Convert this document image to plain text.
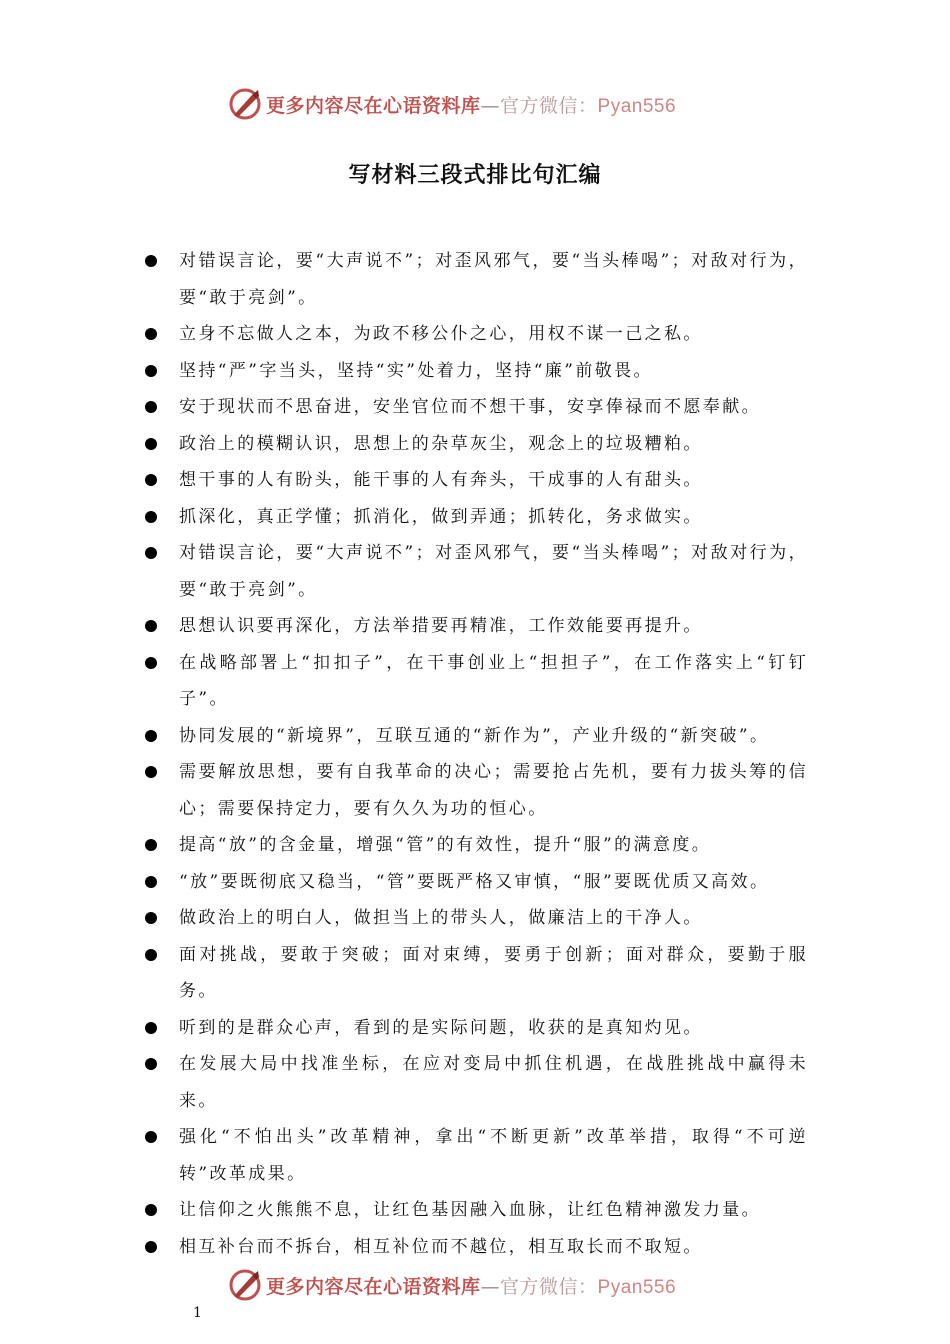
更多内容尽在心语资料库—官方微信：Pyan556
写材料三段式排比句汇编
对错误言论，要“大声说不”；对歪风邪气，要“当头棒喝”；对敌对行为，要“敢于亮剑”。
立身不忘做人之本，为政不移公仆之心，用权不谋一己之私。
坚持“严”字当头，坚持“实”处着力，坚持“廉”前敬畏。
安于现状而不思奋进，安坐官位而不想干事，安享俸禄而不愿奉献。
政治上的模糊认识，思想上的杂草灰尘，观念上的垃圾糟粕。
想干事的人有盼头，能干事的人有奔头，干成事的人有甜头。
抓深化，真正学懂；抓消化，做到弄通；抓转化，务求做实。
对错误言论，要“大声说不”；对歪风邪气，要“当头棒喝”；对敌对行为，要“敢于亮剑”。
思想认识要再深化，方法举措要再精准，工作效能要再提升。
在战略部署上“扣扣子”，在干事创业上“担担子”，在工作落实上“钉钉子”。
协同发展的“新境界”，互联互通的“新作为”，产业升级的“新突破”。
需要解放思想，要有自我革命的决心；需要抢占先机，要有力拔头筹的信心；需要保持定力，要有久久为功的恒心。
提高“放”的含金量，增强“管”的有效性，提升“服”的满意度。
“放”要既彻底又稳当，“管”要既严格又审慎，“服”要既优质又高效。
做政治上的明白人，做担当上的带头人，做廉洁上的干净人。
面对挑战，要敢于突破；面对束缚，要勇于创新；面对群众，要勤于服务。
听到的是群众心声，看到的是实际问题，收获的是真知灼见。
在发展大局中找准坐标，在应对变局中抓住机遇，在战胜挑战中赢得未来。
强化“不怕出头”改革精神，拿出“不断更新”改革举措，取得“不可逆转”改革成果。
让信仰之火熊熊不息，让红色基因融入血脉，让红色精神激发力量。
相互补台而不拆台，相互补位而不越位，相互取长而不取短。
更多内容尽在心语资料库—官方微信：Pyan556
1
